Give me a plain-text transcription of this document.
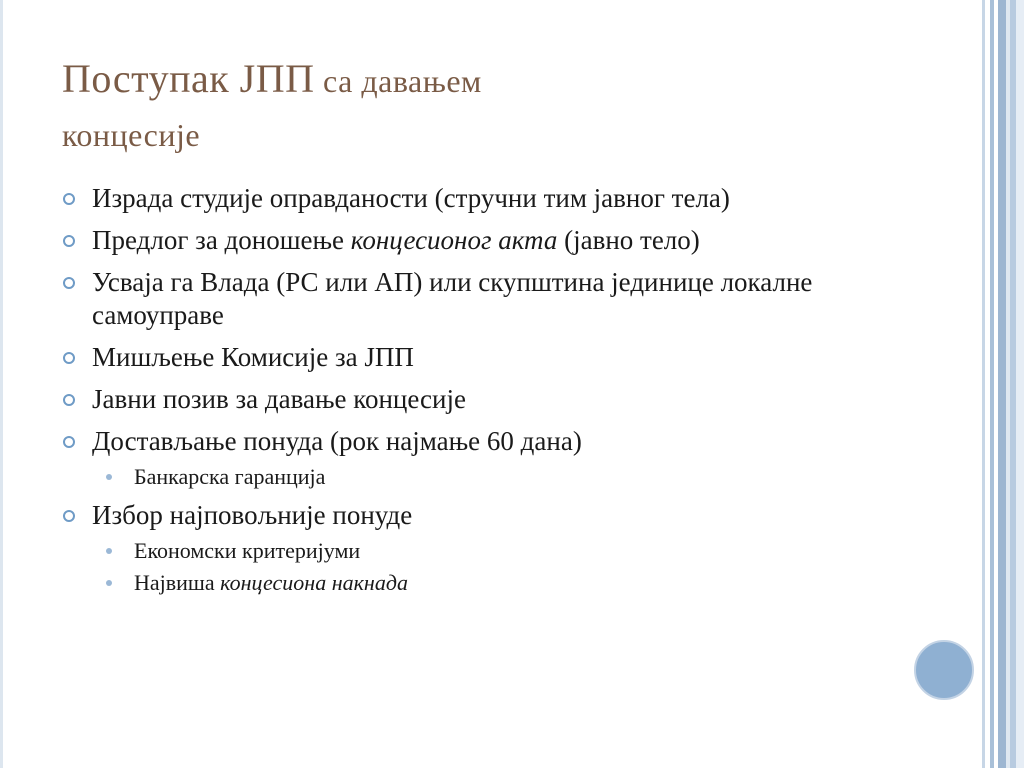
Поступак ЈПП са давањем
концесије
Израда студије оправданости (стручни тим јавног тела)
Предлог за доношење концесионог акта (јавно тело)
Усваја га Влада (РС или АП) или скупштина јединице локалне самоуправе
Мишљење Комисије за ЈПП
Јавни позив за давање концесије
Достављање понуда (рок најмање 60 дана)
Банкарска гаранција
Избор најповољније понуде
Економски критеријуми
Највиша концесиона накнада
